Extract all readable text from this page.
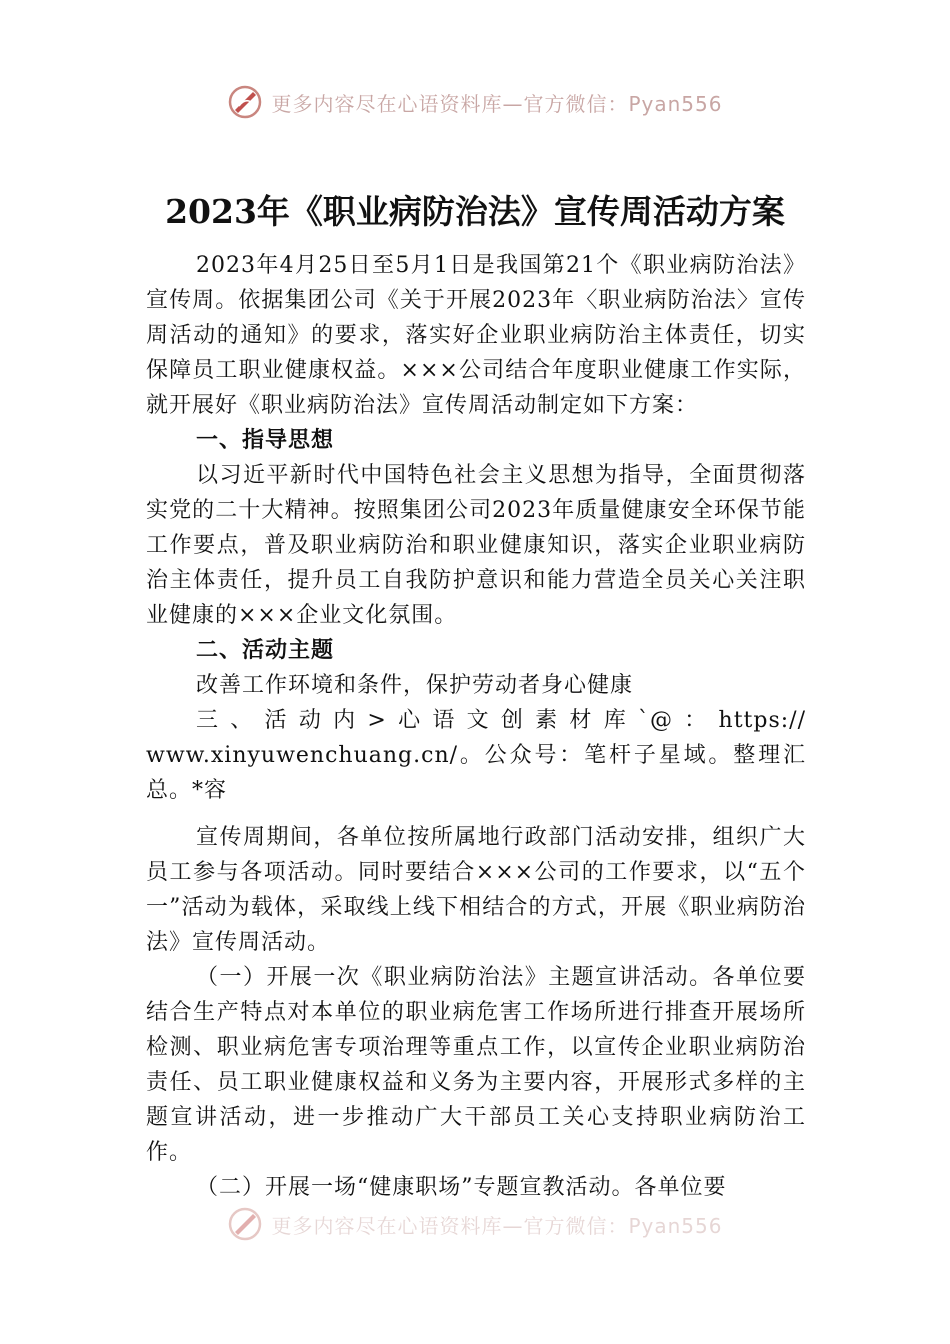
更多内容尽在心语资料库—官方微信：Pyan556
2023年《职业病防治法》宣传周活动方案

2023年4月25日至5月1日是我国第21个《职业病防治法》宣传周。依据集团公司《关于开展2023年〈职业病防治法〉宣传周活动的通知》的要求，落实好企业职业病防治主体责任，切实保障员工职业健康权益。×××公司结合年度职业健康工作实际，就开展好《职业病防治法》宣传周活动制定如下方案：

一、指导思想

以习近平新时代中国特色社会主义思想为指导，全面贯彻落实党的二十大精神。按照集团公司2023年质量健康安全环保节能工作要点，普及职业病防治和职业健康知识，落实企业职业病防治主体责任，提升员工自我防护意识和能力营造全员关心关注职业健康的×××企业文化氛围。

二、活动主题

改善工作环境和条件，保护劳动者身心健康

三、活动内>心语文创素材库`@：https://

www.xinyuwenchuang.cn/。公众号：笔杆子星域。整理汇总。*容

宣传周期间，各单位按所属地行政部门活动安排，组织广大员工参与各项活动。同时要结合×××公司的工作要求，以“五个一”活动为载体，采取线上线下相结合的方式，开展《职业病防治法》宣传周活动。

（一）开展一次《职业病防治法》主题宣讲活动。各单位要结合生产特点对本单位的职业病危害工作场所进行排查开展场所检测、职业病危害专项治理等重点工作，以宣传企业职业病防治责任、员工职业健康权益和义务为主要内容，开展形式多样的主题宣讲活动，进一步推动广大干部员工关心支持职业病防治工作。

（二）开展一场“健康职场”专题宣教活动。各单位要

更多内容尽在心语资料库—官方微信：Pyan556
